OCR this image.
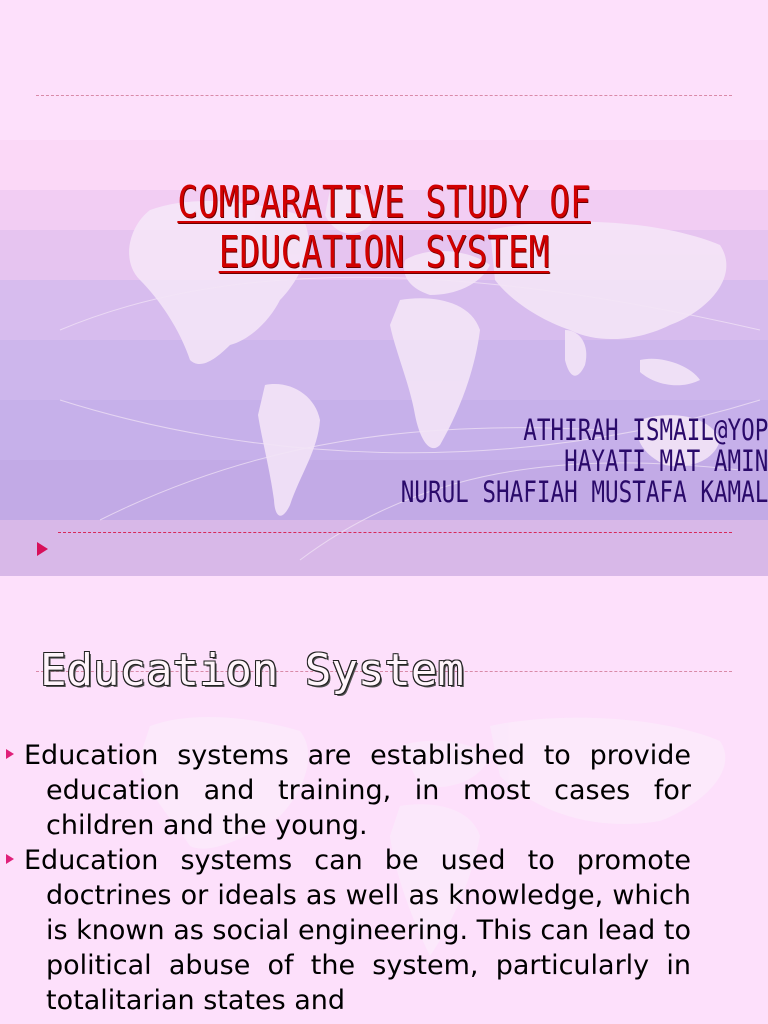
COMPARATIVE STUDY OF
EDUCATION SYSTEM
ATHIRAH ISMAIL@YOP
HAYATI MAT AMIN
NURUL SHAFIAH MUSTAFA KAMAL
Education System
Education systems are established to provide education and training, in most cases for children and the young.
Education systems can be used to promote doctrines or ideals as well as knowledge, which is known as social engineering. This can lead to political abuse of the system, particularly in totalitarian states and
